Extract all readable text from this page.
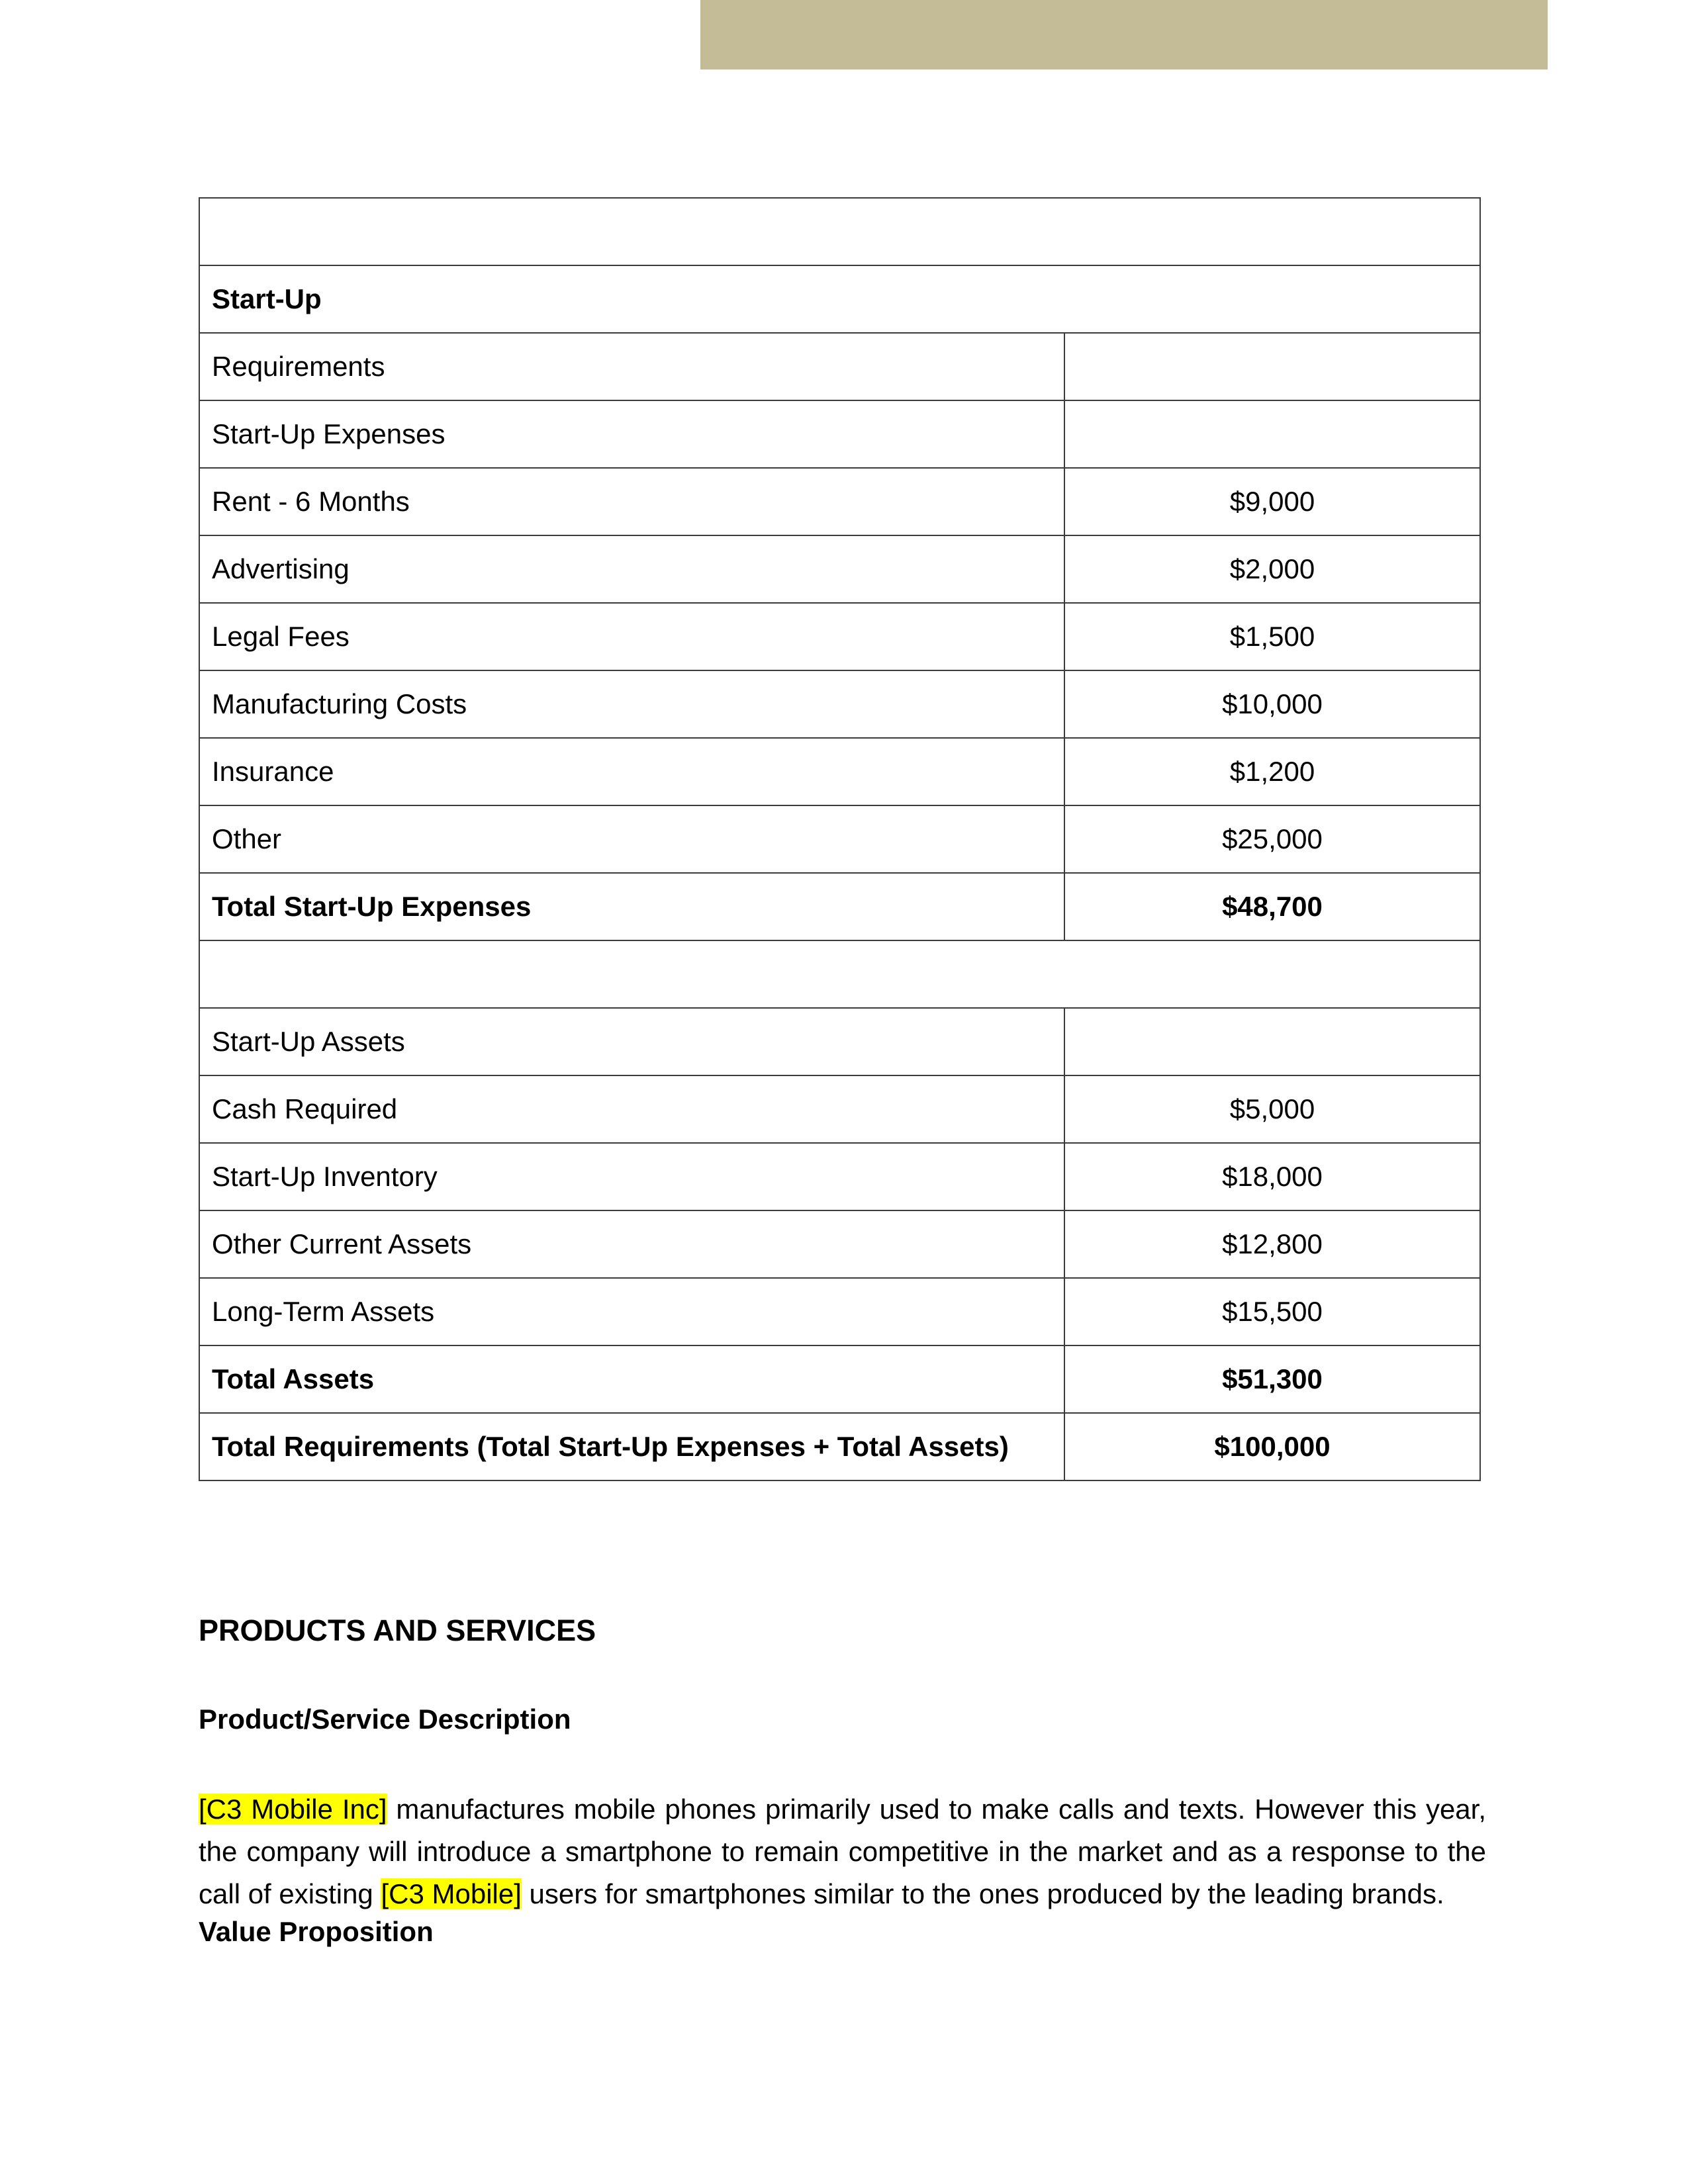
Start-Up	
Requirements	
Start-Up Expenses	
Rent - 6 Months	$9,000
Advertising	$2,000
Legal Fees	$1,500
Manufacturing Costs	$10,000
Insurance	$1,200
Other	$25,000
Total Start-Up Expenses	$48,700

Start-Up Assets	
Cash Required	$5,000
Start-Up Inventory	$18,000
Other Current Assets	$12,800
Long-Term Assets	$15,500
Total Assets	$51,300
Total Requirements (Total Start-Up Expenses + Total Assets)	$100,000
PRODUCTS AND SERVICES
Product/Service Description

[C3 Mobile Inc] manufactures mobile phones primarily used to make calls and texts. However this year, the company will introduce a smartphone to remain competitive in the market and as a response to the call of existing [C3 Mobile] users for smartphones similar to the ones produced by the leading brands.

Value Proposition
